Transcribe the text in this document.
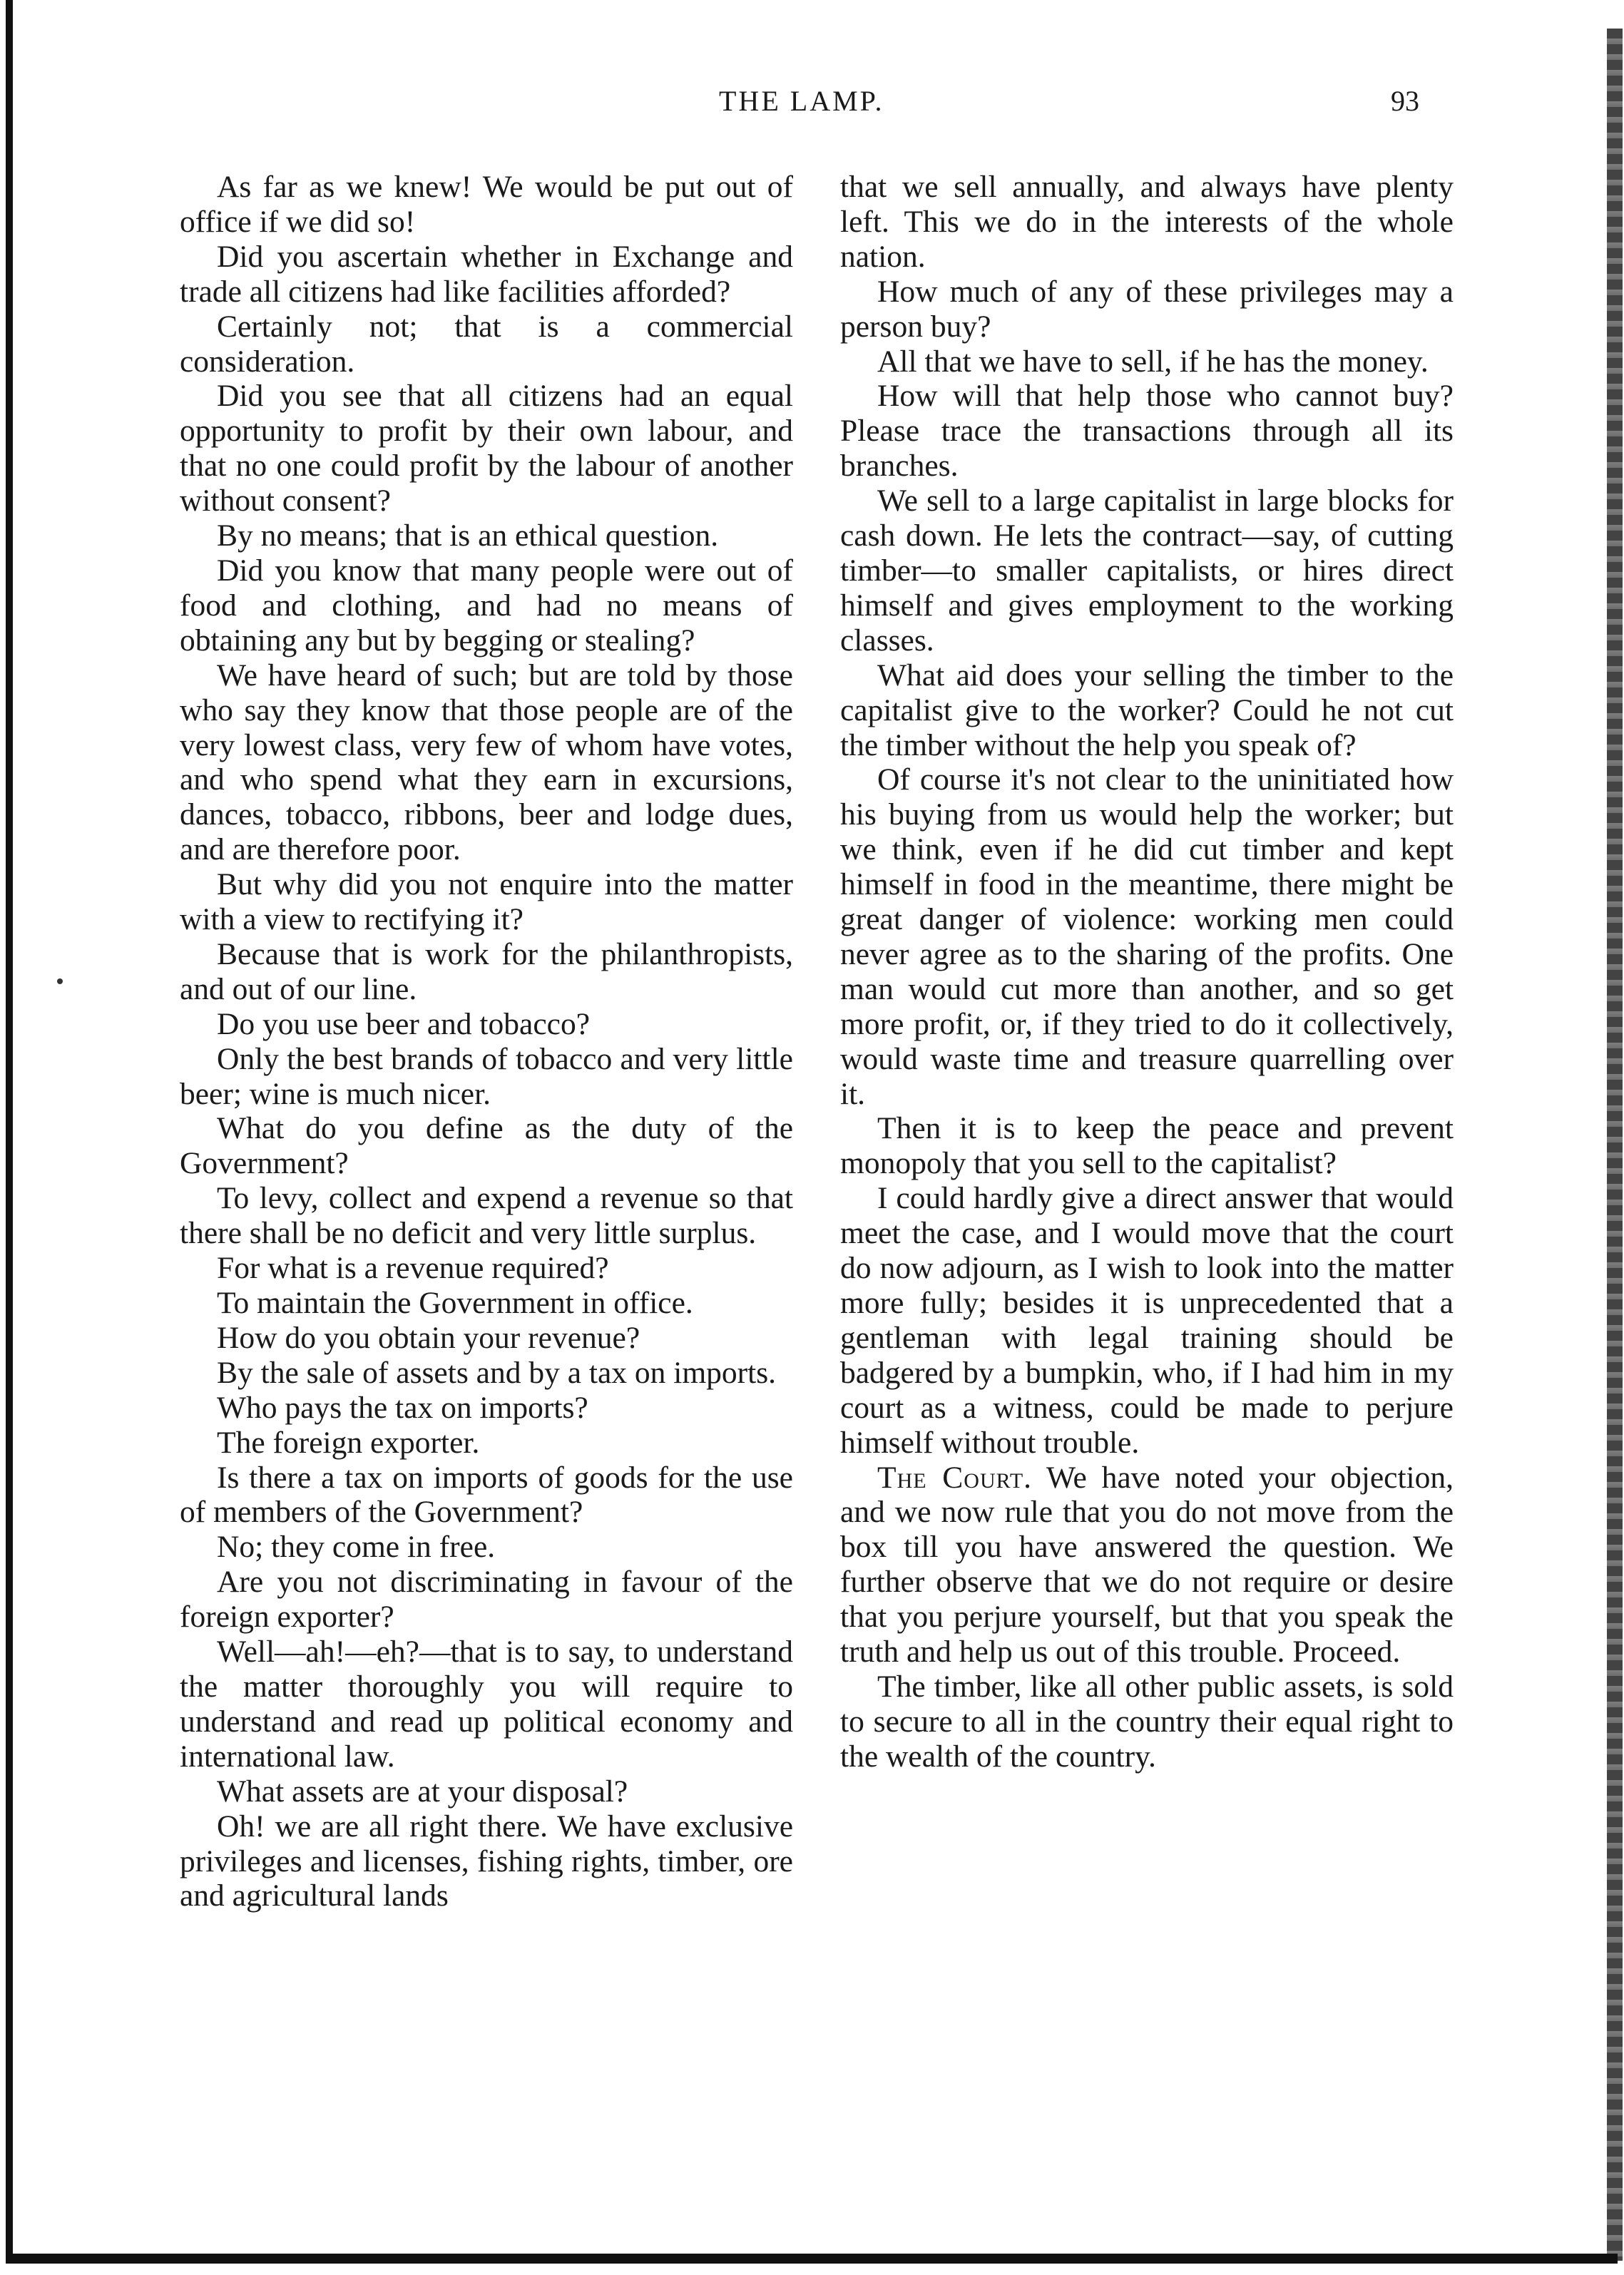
THE LAMP.	93

As far as we knew! We would be put out of office if we did so!

Did you ascertain whether in Exchange and trade all citizens had like facilities afforded?

Certainly not; that is a commercial consideration.

Did you see that all citizens had an equal opportunity to profit by their own labour, and that no one could profit by the labour of another without consent?

By no means; that is an ethical question.

Did you know that many people were out of food and clothing, and had no means of obtaining any but by begging or stealing?

We have heard of such; but are told by those who say they know that those people are of the very lowest class, very few of whom have votes, and who spend what they earn in excursions, dances, tobacco, ribbons, beer and lodge dues, and are therefore poor.

But why did you not enquire into the matter with a view to rectifying it?

Because that is work for the philanthropists, and out of our line.

Do you use beer and tobacco?

Only the best brands of tobacco and very little beer; wine is much nicer.

What do you define as the duty of the Government?

To levy, collect and expend a revenue so that there shall be no deficit and very little surplus.

For what is a revenue required?

To maintain the Government in office.

How do you obtain your revenue?

By the sale of assets and by a tax on imports.

Who pays the tax on imports?

The foreign exporter.

Is there a tax on imports of goods for the use of members of the Government?

No; they come in free.

Are you not discriminating in favour of the foreign exporter?

Well—ah!—eh?—that is to say, to understand the matter thoroughly you will require to understand and read up political economy and international law.

What assets are at your disposal?

Oh! we are all right there. We have exclusive privileges and licenses, fishing rights, timber, ore and agricultural lands

that we sell annually, and always have plenty left. This we do in the interests of the whole nation.

How much of any of these privileges may a person buy?

All that we have to sell, if he has the money.

How will that help those who cannot buy? Please trace the transactions through all its branches.

We sell to a large capitalist in large blocks for cash down. He lets the contract—say, of cutting timber—to smaller capitalists, or hires direct himself and gives employment to the working classes.

What aid does your selling the timber to the capitalist give to the worker? Could he not cut the timber without the help you speak of?

Of course it's not clear to the uninitiated how his buying from us would help the worker; but we think, even if he did cut timber and kept himself in food in the meantime, there might be great danger of violence: working men could never agree as to the sharing of the profits. One man would cut more than another, and so get more profit, or, if they tried to do it collectively, would waste time and treasure quarrelling over it.

Then it is to keep the peace and prevent monopoly that you sell to the capitalist?

I could hardly give a direct answer that would meet the case, and I would move that the court do now adjourn, as I wish to look into the matter more fully; besides it is unprecedented that a gentleman with legal training should be badgered by a bumpkin, who, if I had him in my court as a witness, could be made to perjure himself without trouble.

The Court. We have noted your objection, and we now rule that you do not move from the box till you have answered the question. We further observe that we do not require or desire that you perjure yourself, but that you speak the truth and help us out of this trouble. Proceed.

The timber, like all other public assets, is sold to secure to all in the country their equal right to the wealth of the country.
